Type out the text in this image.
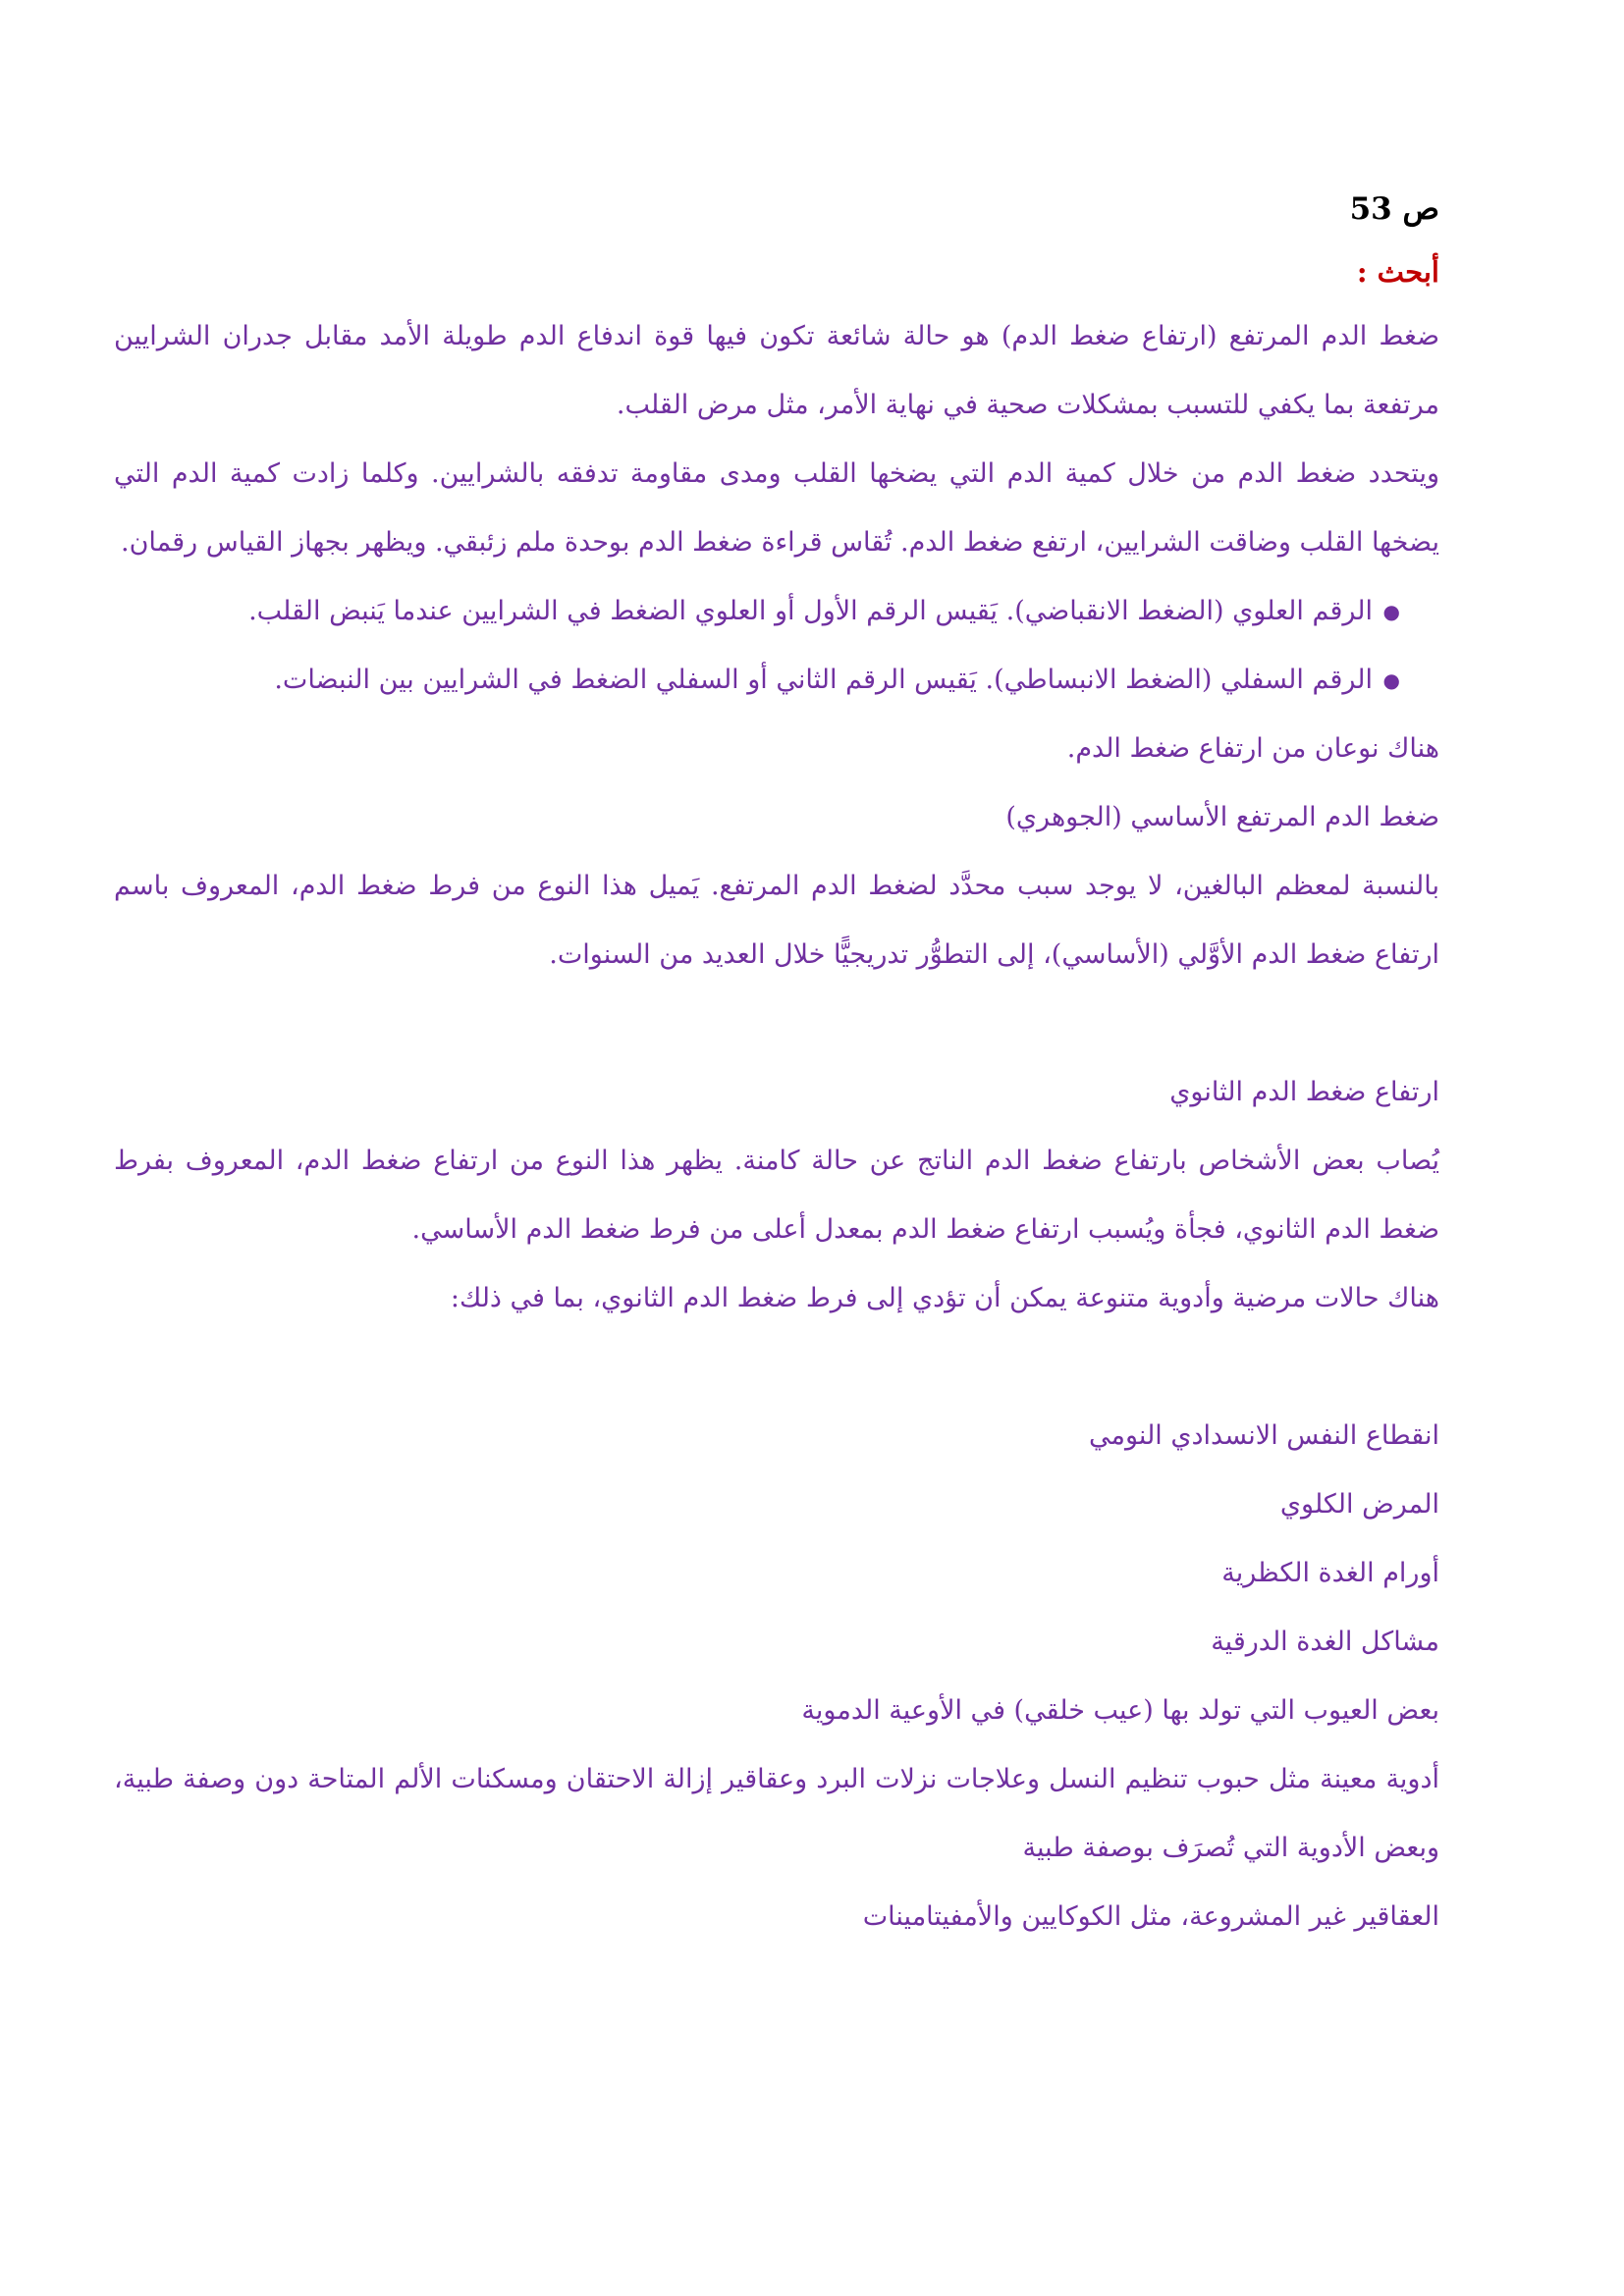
ص 53

أبحث :

ضغط الدم المرتفع (ارتفاع ضغط الدم) هو حالة شائعة تكون فيها قوة اندفاع الدم طويلة الأمد مقابل جدران الشرايين مرتفعة بما يكفي للتسبب بمشكلات صحية في نهاية الأمر، مثل مرض القلب.

ويتحدد ضغط الدم من خلال كمية الدم التي يضخها القلب ومدى مقاومة تدفقه بالشرايين. وكلما زادت كمية الدم التي يضخها القلب وضاقت الشرايين، ارتفع ضغط الدم. تُقاس قراءة ضغط الدم بوحدة ملم زئبقي. ويظهر بجهاز القياس رقمان.

●
الرقم العلوي (الضغط الانقباضي). يَقيس الرقم الأول أو العلوي الضغط في الشرايين عندما يَنبض القلب.
●
الرقم السفلي (الضغط الانبساطي). يَقيس الرقم الثاني أو السفلي الضغط في الشرايين بين النبضات.

هناك نوعان من ارتفاع ضغط الدم.

ضغط الدم المرتفع الأساسي (الجوهري)

بالنسبة لمعظم البالغين، لا يوجد سبب محدَّد لضغط الدم المرتفع. يَميل هذا النوع من فرط ضغط الدم، المعروف باسم ارتفاع ضغط الدم الأوَّلي (الأساسي)، إلى التطوُّر تدريجيًّا خلال العديد من السنوات.

ارتفاع ضغط الدم الثانوي

يُصاب بعض الأشخاص بارتفاع ضغط الدم الناتج عن حالة كامنة. يظهر هذا النوع من ارتفاع ضغط الدم، المعروف بفرط ضغط الدم الثانوي، فجأة ويُسبب ارتفاع ضغط الدم بمعدل أعلى من فرط ضغط الدم الأساسي.

هناك حالات مرضية وأدوية متنوعة يمكن أن تؤدي إلى فرط ضغط الدم الثانوي، بما في ذلك:

انقطاع النفس الانسدادي النومي

المرض الكلوي

أورام الغدة الكظرية

مشاكل الغدة الدرقية

بعض العيوب التي تولد بها (عيب خلقي) في الأوعية الدموية

أدوية معينة مثل حبوب تنظيم النسل وعلاجات نزلات البرد وعقاقير إزالة الاحتقان ومسكنات الألم المتاحة دون وصفة طبية، وبعض الأدوية التي تُصرَف بوصفة طبية

العقاقير غير المشروعة، مثل الكوكايين والأمفيتامينات
